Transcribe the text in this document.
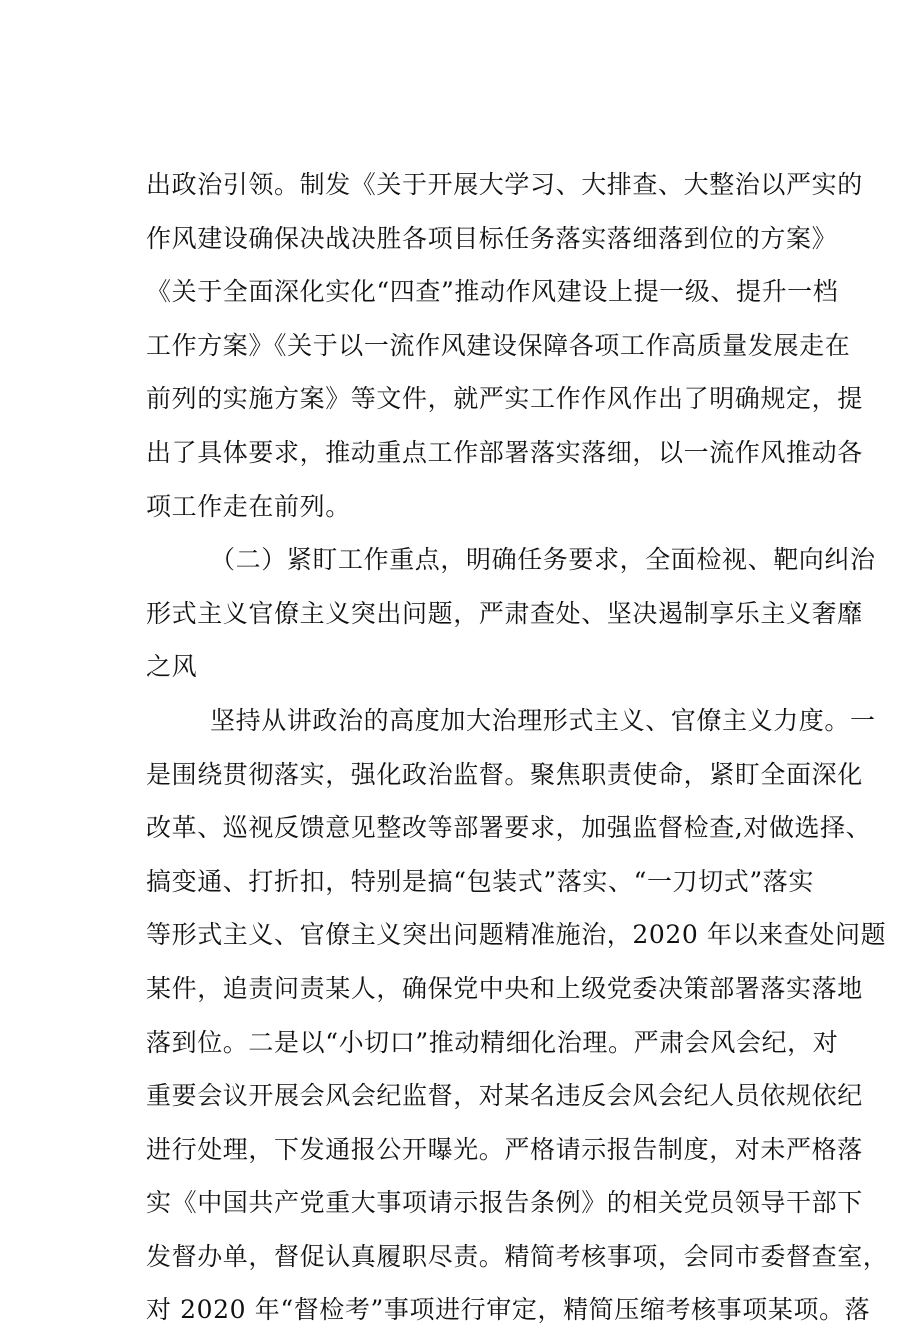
出政治引领。制发《关于开展大学习、大排查、大整治以严实的
作风建设确保决战决胜各项目标任务落实落细落到位的方案》
《关于全面深化实化“四查”推动作风建设上提一级、提升一档
工作方案》《关于以一流作风建设保障各项工作高质量发展走在
前列的实施方案》等文件，就严实工作作风作出了明确规定，提
出了具体要求，推动重点工作部署落实落细，以一流作风推动各
项工作走在前列。
（二）紧盯工作重点，明确任务要求，全面检视、靶向纠治
形式主义官僚主义突出问题，严肃查处、坚决遏制享乐主义奢靡
之风
坚持从讲政治的高度加大治理形式主义、官僚主义力度。一
是围绕贯彻落实，强化政治监督。聚焦职责使命，紧盯全面深化
改革、巡视反馈意见整改等部署要求，加强监督检查,对做选择、
搞变通、打折扣，特别是搞“包装式”落实、“一刀切式”落实
等形式主义、官僚主义突出问题精准施治，2020 年以来查处问题
某件，追责问责某人，确保党中央和上级党委决策部署落实落地
落到位。二是以“小切口”推动精细化治理。严肃会风会纪，对
重要会议开展会风会纪监督，对某名违反会风会纪人员依规依纪
进行处理，下发通报公开曝光。严格请示报告制度，对未严格落
实《中国共产党重大事项请示报告条例》的相关党员领导干部下
发督办单，督促认真履职尽责。精简考核事项，会同市委督查室，
对 2020 年“督检考”事项进行审定，精简压缩考核事项某项。落
